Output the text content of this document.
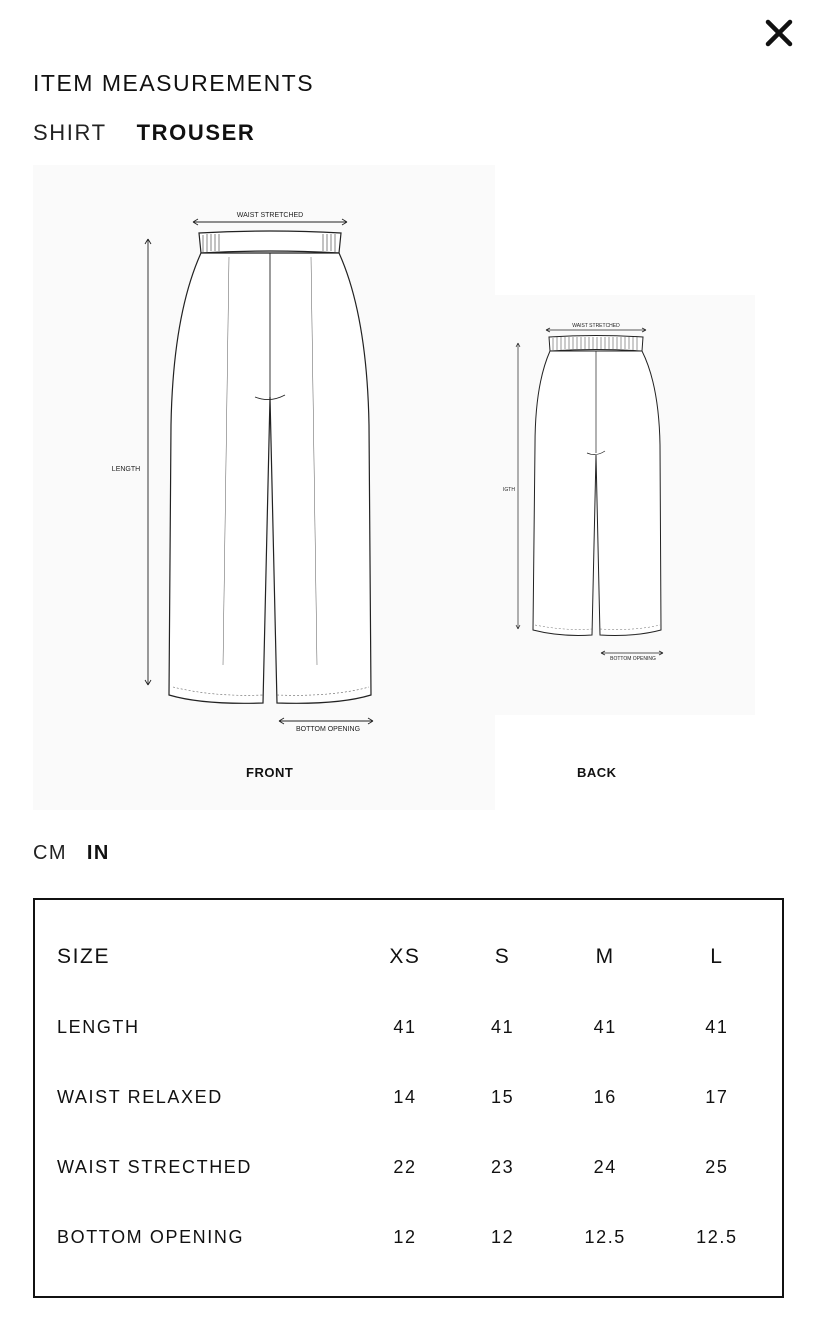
ITEM MEASUREMENTS
SHIRT TROUSER
WAIST STRETCHED
LENGTH
BOTTOM OPENING
FRONT
WAIST STRETCHED
IGTH
BOTTOM OPENING
BACK
CM IN
SIZE	XS	S	M	L
LENGTH	41	41	41	41
WAIST RELAXED	14	15	16	17
WAIST STRECTHED	22	23	24	25
BOTTOM OPENING	12	12	12.5	12.5
